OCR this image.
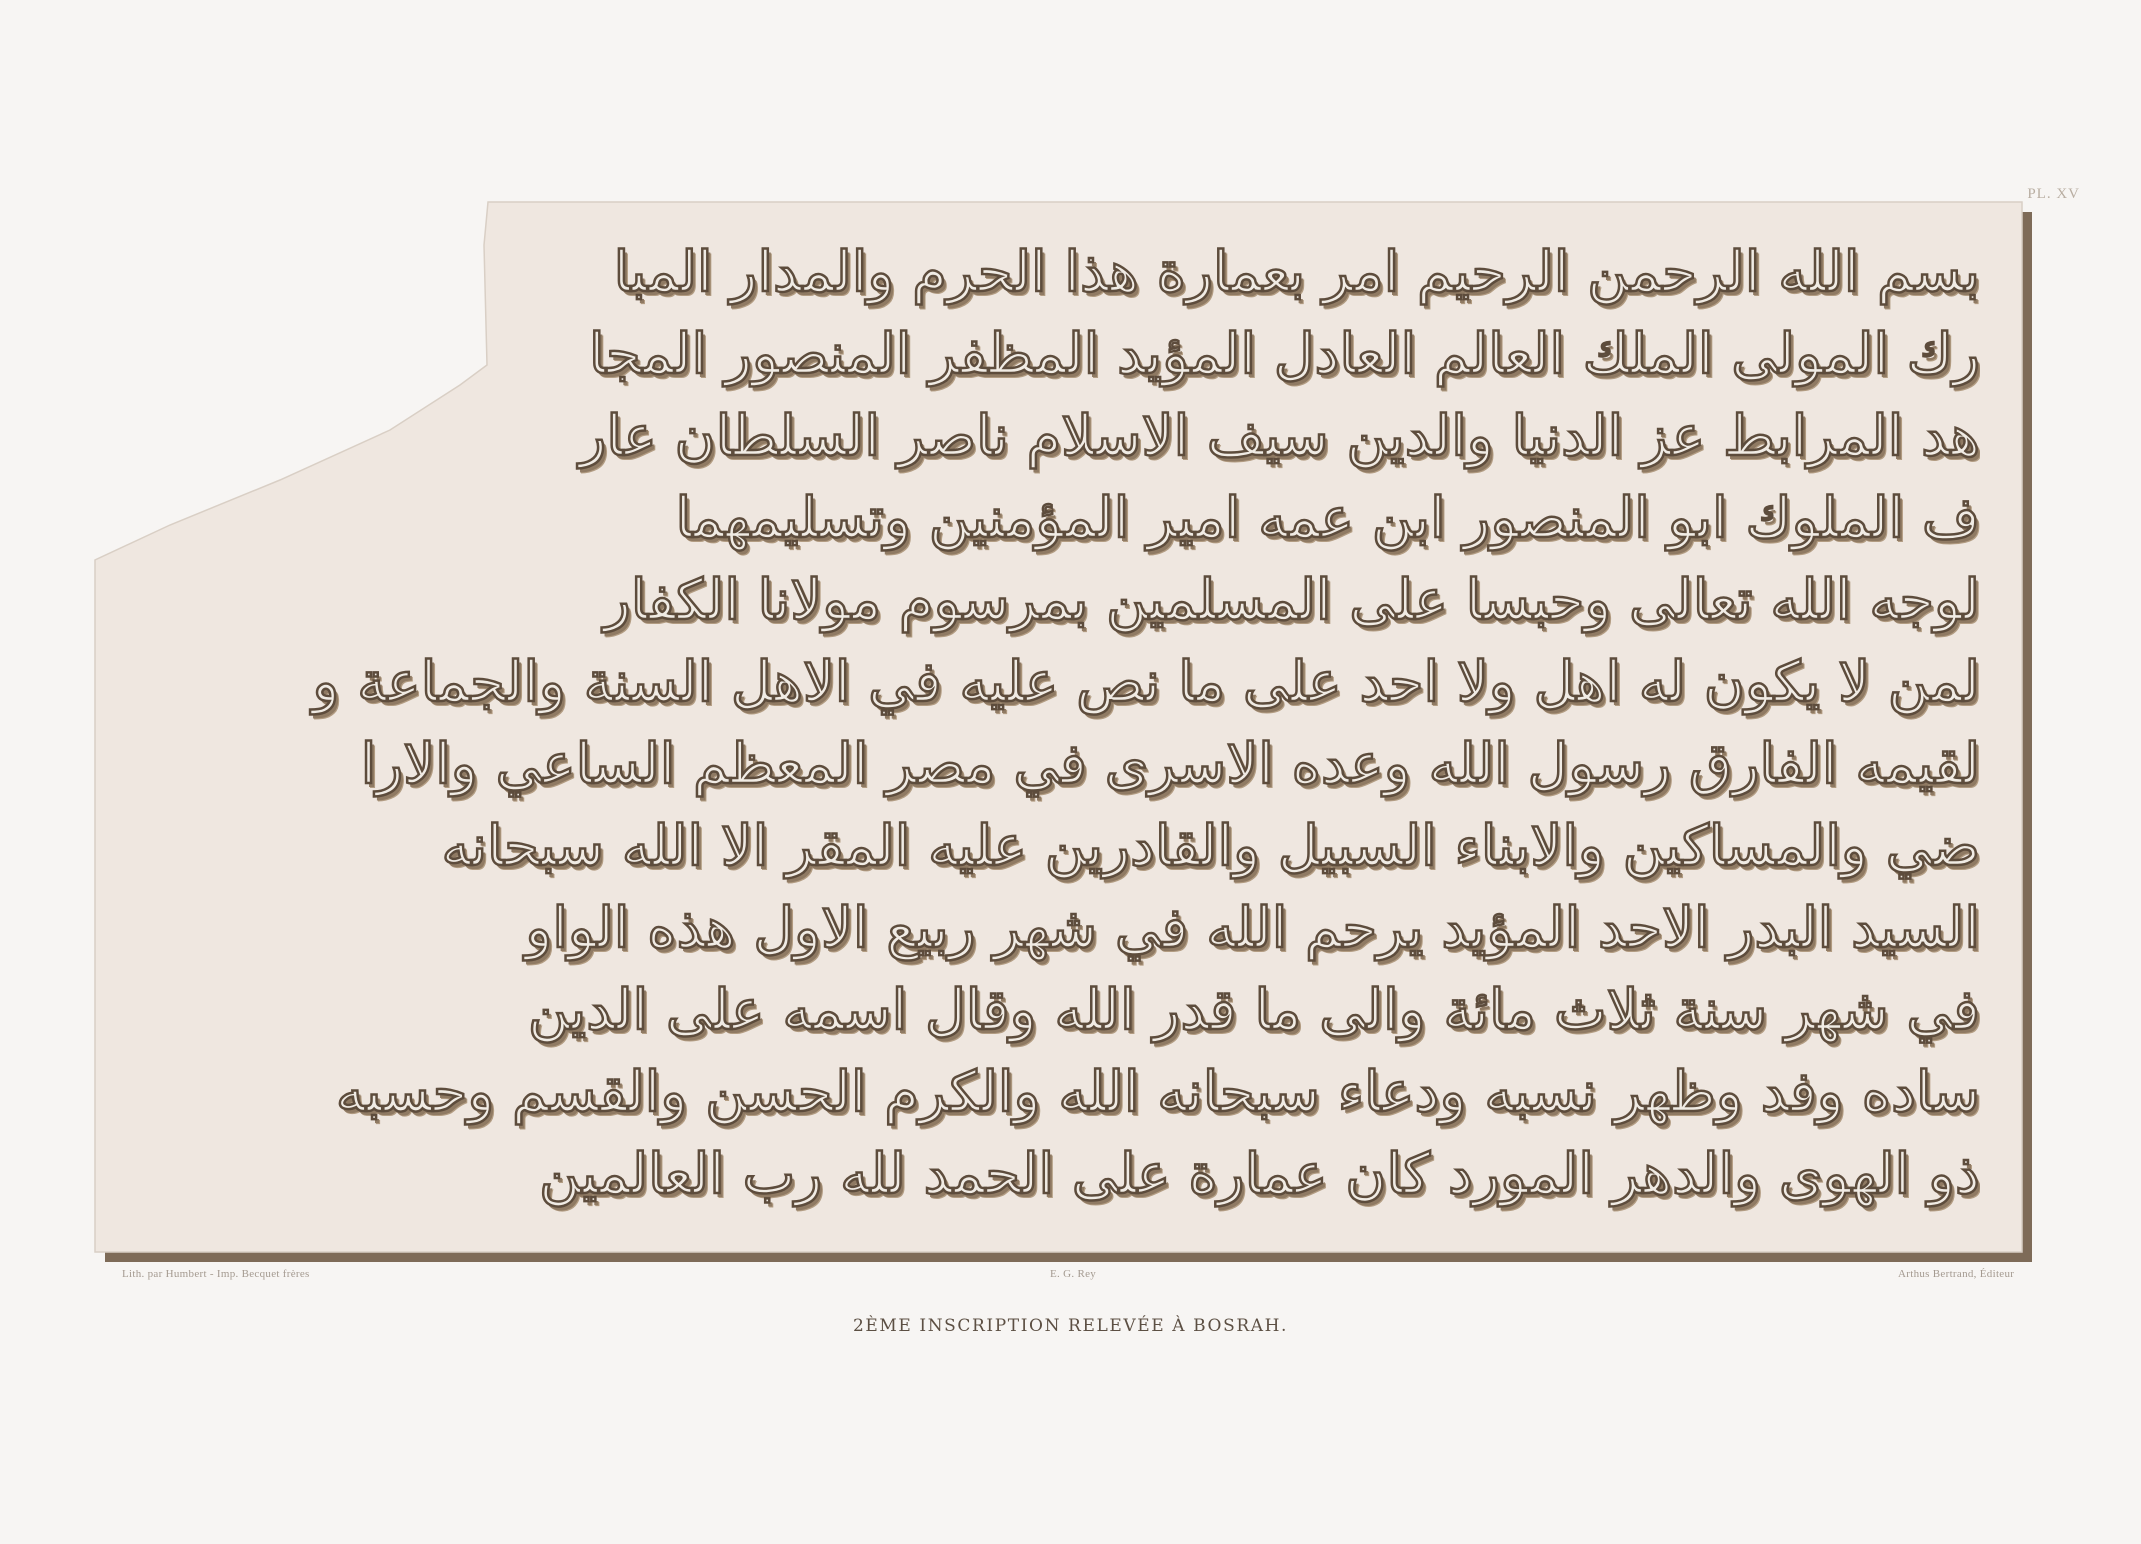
PL. XV
بسم الله الرحمن الرحيم امر بعمارة هذا الحرم والمدار المبا
رك المولى الملك العالم العادل المؤيد المظفر المنصور المجا
هد المرابط عز الدنيا والدين سيف الاسلام ناصر السلطان عار
ف الملوك ابو المنصور ابن عمه امير المؤمنين وتسليمهما
لوجه الله تعالى وحبسا على المسلمين بمرسوم مولانا الكفار
لمن لا يكون له اهل ولا احد على ما نص عليه في الاهل السنة والجماعة و
لقيمه الفارق رسول الله وعده الاسرى في مصر المعظم الساعي والارا
ضي والمساكين والابناء السبيل والقادرين عليه المقر الا الله سبحانه
السيد البدر الاحد المؤيد يرحم الله في شهر ربيع الاول هذه الواو
في شهر سنة ثلاث مائة والى ما قدر الله وقال اسمه على الدين
ساده وفد وظهر نسبه ودعاء سبحانه الله والكرم الحسن والقسم وحسبه
ذو الهوى والدهر المورد كان عمارة على الحمد لله رب العالمين
Lith. par Humbert - Imp. Becquet frères	E. G. Rey	Arthus Bertrand, Éditeur
2ÈME INSCRIPTION RELEVÉE À BOSRAH.
